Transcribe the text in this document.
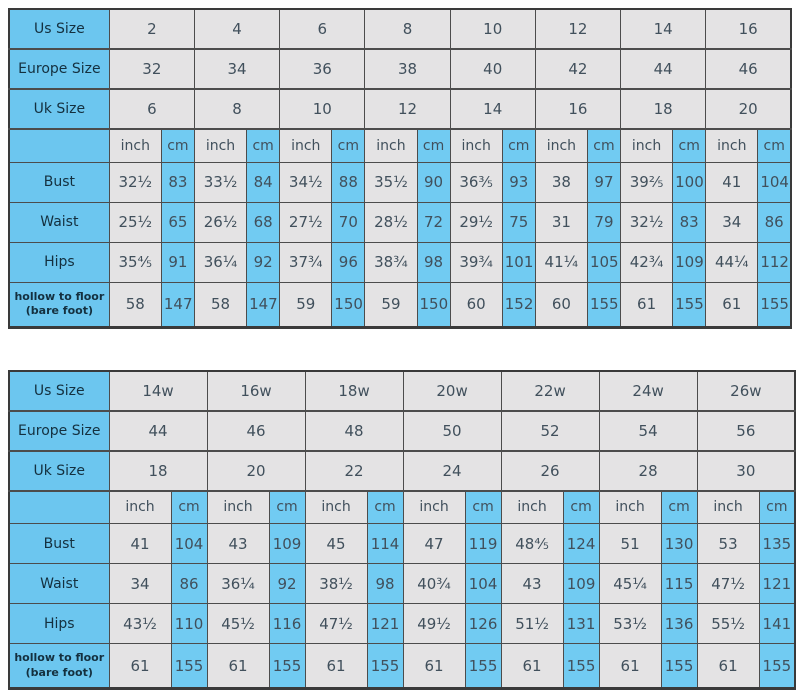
Us Size	2		4		6		8		10		12		14		16	
Europe Size	32		34		36		38		40		42		44		46	
Uk Size	6		8		10		12		14		16		18		20	
	inch	cm	inch	cm	inch	cm	inch	cm	inch	cm	inch	cm	inch	cm	inch	cm
Bust	32½	83	33½	84	34½	88	35½	90	36⅗	93	38	97	39⅖	100	41	104
Waist	25½	65	26½	68	27½	70	28½	72	29½	75	31	79	32½	83	34	86
Hips	35⅘	91	36¼	92	37¾	96	38¾	98	39¾	101	41¼	105	42¾	109	44¼	112

hollow to floor
(bare foot)	58	147	58	147	59	150	59	150	60	152	60	155	61	155	61	155
Us Size	14w		16w		18w		20w		22w		24w		26w	
Europe Size	44		46		48		50		52		54		56	
Uk Size	18		20		22		24		26		28		30	
	inch	cm	inch	cm	inch	cm	inch	cm	inch	cm	inch	cm	inch	cm
Bust	41	104	43	109	45	114	47	119	48⅘	124	51	130	53	135
Waist	34	86	36¼	92	38½	98	40¾	104	43	109	45¼	115	47½	121
Hips	43½	110	45½	116	47½	121	49½	126	51½	131	53½	136	55½	141

hollow to floor
(bare foot)	61	155	61	155	61	155	61	155	61	155	61	155	61	155
